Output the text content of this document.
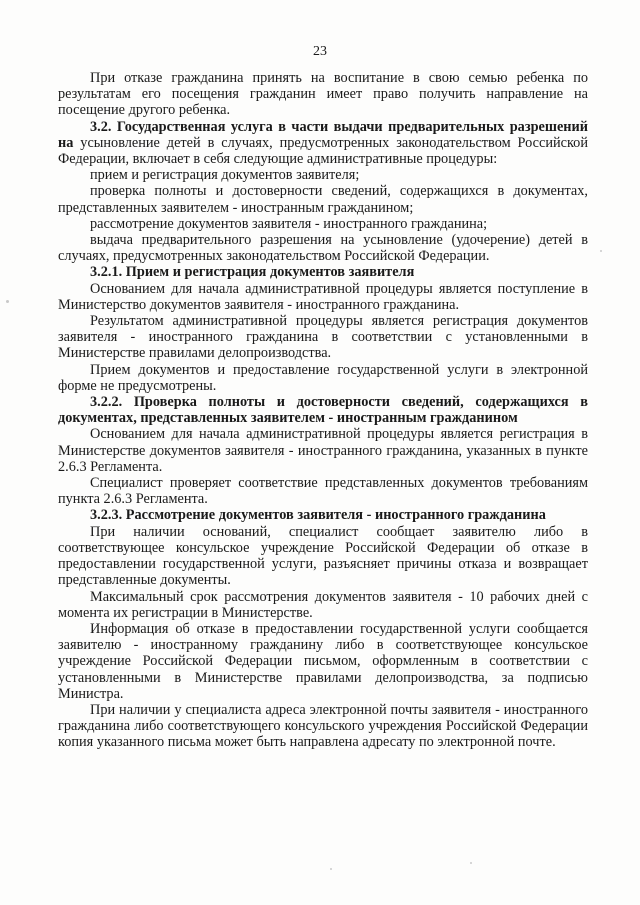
23

При отказе гражданина принять на воспитание в свою семью ребенка по результатам его посещения гражданин имеет право получить направление на посещение другого ребенка.

3.2. Государственная услуга в части выдачи предварительных разрешений на усыновление детей в случаях, предусмотренных законодательством Российской Федерации, включает в себя следующие административные процедуры:

прием и регистрация документов заявителя;

проверка полноты и достоверности сведений, содержащихся в документах, представленных заявителем - иностранным гражданином;

рассмотрение документов заявителя - иностранного гражданина;

выдача предварительного разрешения на усыновление (удочерение) детей в случаях, предусмотренных законодательством Российской Федерации.

3.2.1. Прием и регистрация документов заявителя

Основанием для начала административной процедуры является поступление в Министерство документов заявителя - иностранного гражданина.

Результатом административной процедуры является регистрация документов заявителя - иностранного гражданина в соответствии с установленными в Министерстве правилами делопроизводства.

Прием документов и предоставление государственной услуги в электронной форме не предусмотрены.

3.2.2. Проверка полноты и достоверности сведений, содержащихся в документах, представленных заявителем - иностранным гражданином

Основанием для начала административной процедуры является регистрация в Министерстве документов заявителя - иностранного гражданина, указанных в пункте 2.6.3 Регламента.

Специалист проверяет соответствие представленных документов требованиям пункта 2.6.3 Регламента.

3.2.3. Рассмотрение документов заявителя - иностранного гражданина

При наличии оснований, специалист сообщает заявителю либо в соответствующее консульское учреждение Российской Федерации об отказе в предоставлении государственной услуги, разъясняет причины отказа и возвращает представленные документы.

Максимальный срок рассмотрения документов заявителя - 10 рабочих дней с момента их регистрации в Министерстве.

Информация об отказе в предоставлении государственной услуги сообщается заявителю - иностранному гражданину либо в соответствующее консульское учреждение Российской Федерации письмом, оформленным в соответствии с установленными в Министерстве правилами делопроизводства, за подписью Министра.

При наличии у специалиста адреса электронной почты заявителя - иностранного гражданина либо соответствующего консульского учреждения Российской Федерации копия указанного письма может быть направлена адресату по электронной почте.
